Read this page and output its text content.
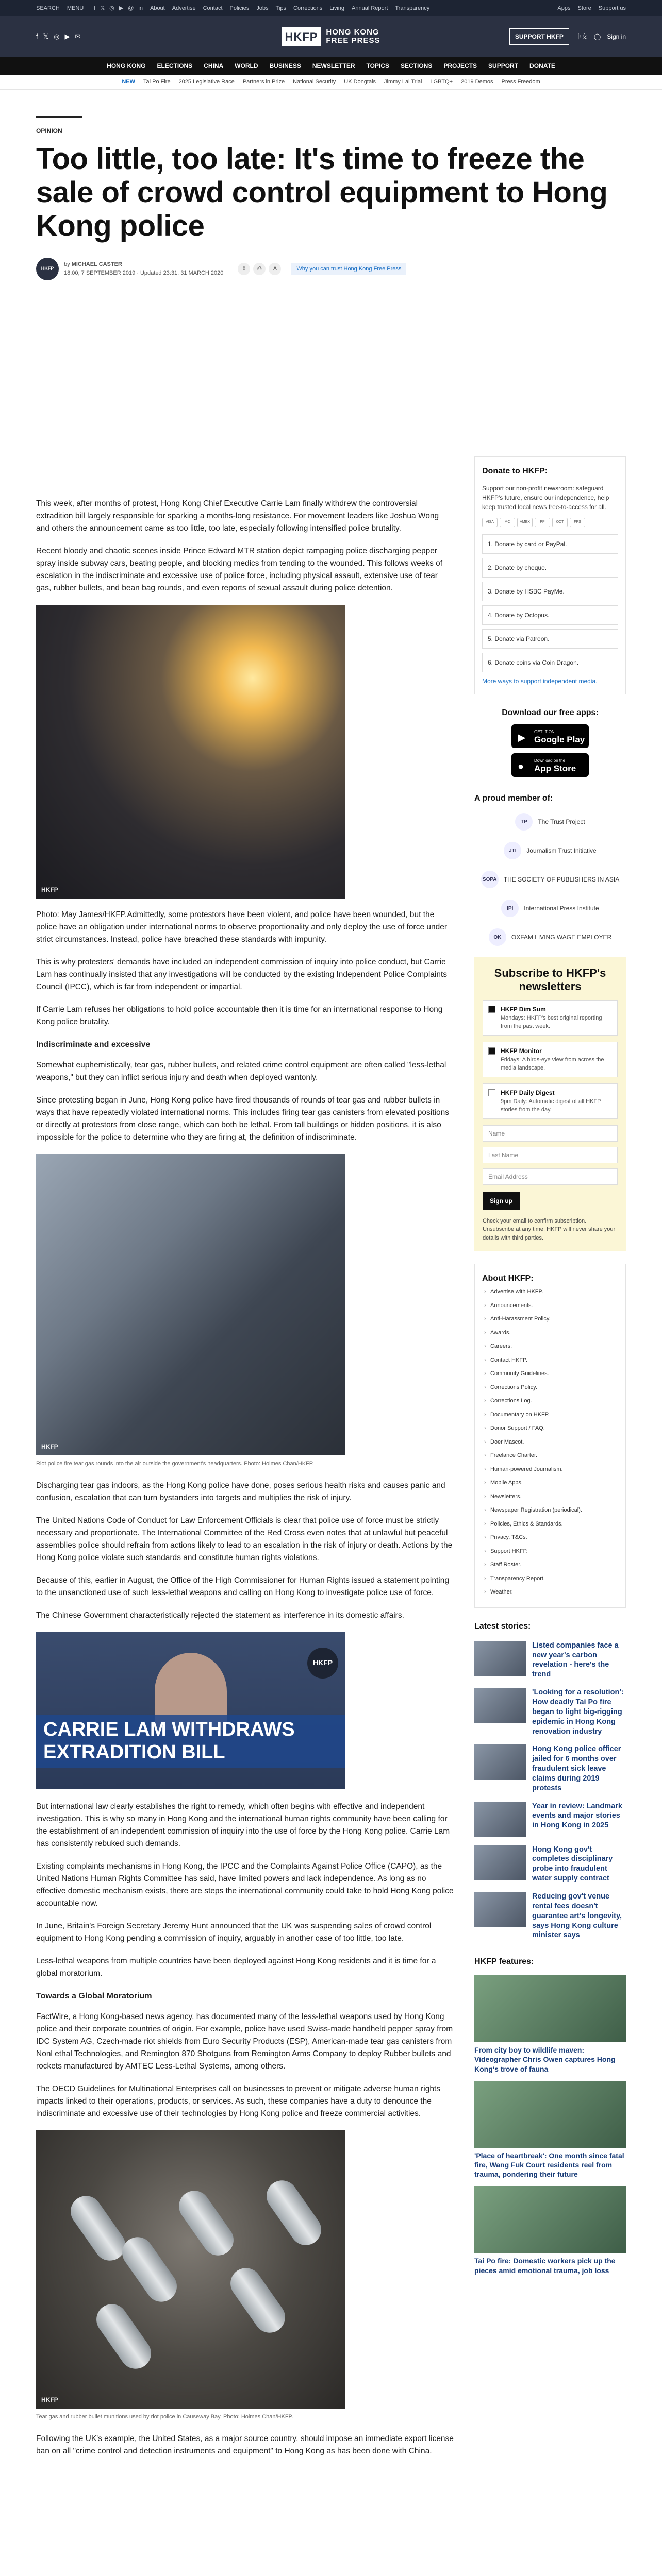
SEARCH MENU f 𝕏 ◎ ▶ @ in About Advertise Contact Policies Jobs Tips Corrections Living Annual Report Transparency	Apps Store Support us
f 𝕏 ◎ ▶ ✉	HKFP	HONG KONG
FREE PRESS	SUPPORT HKFP	中文 ◯ Sign in
HONG KONG ELECTIONS CHINA WORLD BUSINESS NEWSLETTER TOPICS SECTIONS PROJECTS SUPPORT DONATE
NEW Tai Po Fire 2025 Legislative Race Partners in Prize National Security UK Dongtais Jimmy Lai Trial LGBTQ+ 2019 Demos Press Freedom
OPINION
Too little, too late: It's time to freeze the sale of crowd control equipment to Hong Kong police
HKFP
by MICHAEL CASTER
18:00, 7 SEPTEMBER 2019 · Updated 23:31, 31 MARCH 2020
⇪	⎙	A	Why you can trust Hong Kong Free Press

This week, after months of protest, Hong Kong Chief Executive Carrie Lam finally withdrew the controversial extradition bill largely responsible for sparking a months-long resistance. For movement leaders like Joshua Wong and others the announcement came as too little, too late, especially following intensified police brutality.

Recent bloody and chaotic scenes inside Prince Edward MTR station depict rampaging police discharging pepper spray inside subway cars, beating people, and blocking medics from tending to the wounded. This follows weeks of escalation in the indiscriminate and excessive use of police force, including physical assault, extensive use of tear gas, rubber bullets, and bean bag rounds, and even reports of sexual assault during police detention.

HKFP

Photo: May James/HKFP.Admittedly, some protestors have been violent, and police have been wounded, but the police have an obligation under international norms to observe proportionality and only deploy the use of force under strict circumstances. Instead, police have breached these standards with impunity.

This is why protesters' demands have included an independent commission of inquiry into police conduct, but Carrie Lam has continually insisted that any investigations will be conducted by the existing Independent Police Complaints Council (IPCC), which is far from independent or impartial.

If Carrie Lam refuses her obligations to hold police accountable then it is time for an international response to Hong Kong police brutality.

Indiscriminate and excessive

Somewhat euphemistically, tear gas, rubber bullets, and related crime control equipment are often called "less-lethal weapons," but they can inflict serious injury and death when deployed wantonly.

Since protesting began in June, Hong Kong police have fired thousands of rounds of tear gas and rubber bullets in ways that have repeatedly violated international norms. This includes firing tear gas canisters from elevated positions or directly at protestors from close range, which can both be lethal. From tall buildings or hidden positions, it is also impossible for the police to determine who they are firing at, the definition of indiscriminate.

HKFP
Riot police fire tear gas rounds into the air outside the government's headquarters. Photo: Holmes Chan/HKFP.

Discharging tear gas indoors, as the Hong Kong police have done, poses serious health risks and causes panic and confusion, escalation that can turn bystanders into targets and multiplies the risk of injury.

The United Nations Code of Conduct for Law Enforcement Officials is clear that police use of force must be strictly necessary and proportionate. The International Committee of the Red Cross even notes that at unlawful but peaceful assemblies police should refrain from actions likely to lead to an escalation in the risk of injury or death. Actions by the Hong Kong police violate such standards and constitute human rights violations.

Because of this, earlier in August, the Office of the High Commissioner for Human Rights issued a statement pointing to the unsanctioned use of such less-lethal weapons and calling on Hong Kong to investigate police use of force.

The Chinese Government characteristically rejected the statement as interference in its domestic affairs.

HKFP
CARRIE LAM WITHDRAWS EXTRADITION BILL

But international law clearly establishes the right to remedy, which often begins with effective and independent investigation. This is why so many in Hong Kong and the international human rights community have been calling for the establishment of an independent commission of inquiry into the use of force by the Hong Kong police. Carrie Lam has consistently rebuked such demands.

Existing complaints mechanisms in Hong Kong, the IPCC and the Complaints Against Police Office (CAPO), as the United Nations Human Rights Committee has said, have limited powers and lack independence. As long as no effective domestic mechanism exists, there are steps the international community could take to hold Hong Kong police accountable now.

In June, Britain's Foreign Secretary Jeremy Hunt announced that the UK was suspending sales of crowd control equipment to Hong Kong pending a commission of inquiry, arguably in another case of too little, too late.

Less-lethal weapons from multiple countries have been deployed against Hong Kong residents and it is time for a global moratorium.

Towards a Global Moratorium

FactWire, a Hong Kong-based news agency, has documented many of the less-lethal weapons used by Hong Kong police and their corporate countries of origin. For example, police have used Swiss-made handheld pepper spray from IDC System AG, Czech-made riot shields from Euro Security Products (ESP), American-made tear gas canisters from Nonl ethal Technologies, and Remington 870 Shotguns from Remington Arms Company to deploy Rubber bullets and rockets manufactured by AMTEC Less-Lethal Systems, among others.

The OECD Guidelines for Multinational Enterprises call on businesses to prevent or mitigate adverse human rights impacts linked to their operations, products, or services. As such, these companies have a duty to denounce the indiscriminate and excessive use of their technologies by Hong Kong police and freeze commercial activities.

HKFP
Tear gas and rubber bullet munitions used by riot police in Causeway Bay. Photo: Holmes Chan/HKFP.

Following the UK's example, the United States, as a major source country, should impose an immediate export license ban on all "crime control and detection instruments and equipment" to Hong Kong as has been done with China.

Donate to HKFP:

Support our non-profit newsroom: safeguard HKFP's future, ensure our independence, help keep trusted local news free-to-access for all.

VISA	MC	AMEX	PP	OCT	FPS
1. Donate by card or PayPal.
2. Donate by cheque.
3. Donate by HSBC PayMe.
4. Donate by Octopus.
5. Donate via Patreon.
6. Donate coins via Coin Dragon.
More ways to support independent media.
Download our free apps:
▶
GET IT ON
Google Play
●
Download on the
App Store
A proud member of:
TP	The Trust Project
JTI	Journalism Trust Initiative
SOPA THE SOCIETY OF PUBLISHERS IN ASIA
IPI	International Press Institute
OK	OXFAM LIVING WAGE EMPLOYER
Subscribe to HKFP's newsletters
HKFP Dim Sum
Mondays: HKFP's best original reporting from the past week.
HKFP Monitor
Fridays: A birds-eye view from across the media landscape.
HKFP Daily Digest
9pm Daily: Automatic digest of all HKFP stories from the day.
Name
Last Name
Email Address
Sign up
Check your email to confirm subscription. Unsubscribe at any time. HKFP will never share your details with third parties.
About HKFP:
› Advertise with HKFP.
› Announcements.
› Anti-Harassment Policy.
› Awards.
› Careers.
› Contact HKFP.
› Community Guidelines.
› Corrections Policy.
› Corrections Log.
› Documentary on HKFP.
› Donor Support / FAQ.
› Doer Mascot.
› Freelance Charter.
› Human-powered Journalism.
› Mobile Apps.
› Newsletters.
› Newspaper Registration (periodical).
› Policies, Ethics & Standards.
› Privacy, T&Cs.
› Support HKFP.
› Staff Roster.
› Transparency Report.
› Weather.
Latest stories:
Listed companies face a new year's carbon revelation - here's the trend
'Looking for a resolution': How deadly Tai Po fire began to light big-rigging epidemic in Hong Kong renovation industry
Hong Kong police officer jailed for 6 months over fraudulent sick leave claims during 2019 protests
Year in review: Landmark events and major stories in Hong Kong in 2025
Hong Kong gov't completes disciplinary probe into fraudulent water supply contract
Reducing gov't venue rental fees doesn't guarantee art's longevity, says Hong Kong culture minister says
HKFP features:
From city boy to wildlife maven: Videographer Chris Owen captures Hong Kong's trove of fauna
'Place of heartbreak': One month since fatal fire, Wang Fuk Court residents reel from trauma, pondering their future
Tai Po fire: Domestic workers pick up the pieces amid emotional trauma, job loss
